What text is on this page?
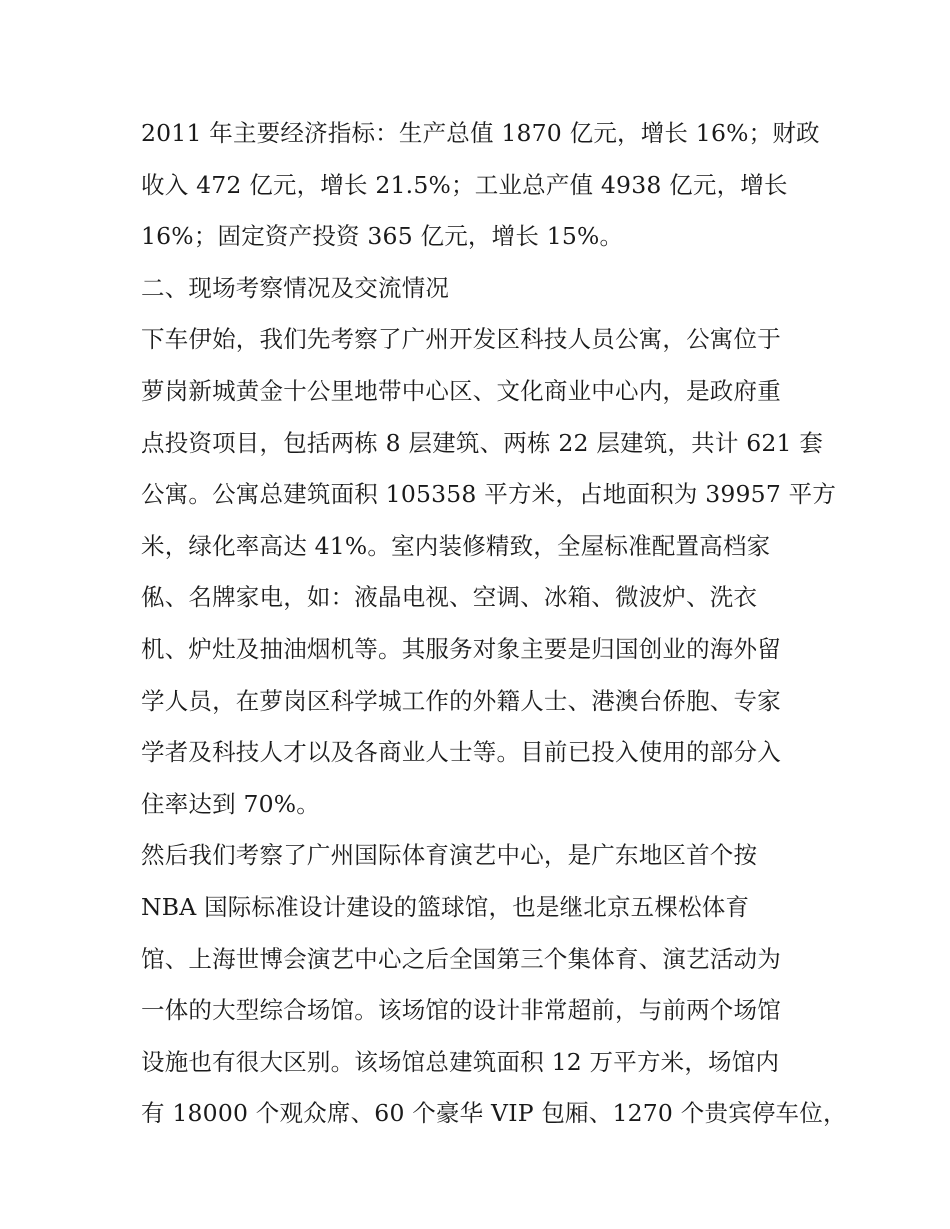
2011 年主要经济指标：生产总值 1870 亿元，增长 16%；财政
收入 472 亿元，增长 21.5%；工业总产值 4938 亿元，增长
16%；固定资产投资 365 亿元，增长 15%。
二、现场考察情况及交流情况
下车伊始，我们先考察了广州开发区科技人员公寓，公寓位于
萝岗新城黄金十公里地带中心区、文化商业中心内，是政府重
点投资项目，包括两栋 8 层建筑、两栋 22 层建筑，共计 621 套
公寓。公寓总建筑面积 105358 平方米，占地面积为 39957 平方
米，绿化率高达 41%。室内装修精致，全屋标准配置高档家
俬、名牌家电，如：液晶电视、空调、冰箱、微波炉、洗衣
机、炉灶及抽油烟机等。其服务对象主要是归国创业的海外留
学人员，在萝岗区科学城工作的外籍人士、港澳台侨胞、专家
学者及科技人才以及各商业人士等。目前已投入使用的部分入
住率达到 70%。
然后我们考察了广州国际体育演艺中心，是广东地区首个按
NBA 国际标准设计建设的篮球馆，也是继北京五棵松体育
馆、上海世博会演艺中心之后全国第三个集体育、演艺活动为
一体的大型综合场馆。该场馆的设计非常超前，与前两个场馆
设施也有很大区别。该场馆总建筑面积 12 万平方米，场馆内
有 18000 个观众席、60 个豪华 VIP 包厢、1270 个贵宾停车位，
